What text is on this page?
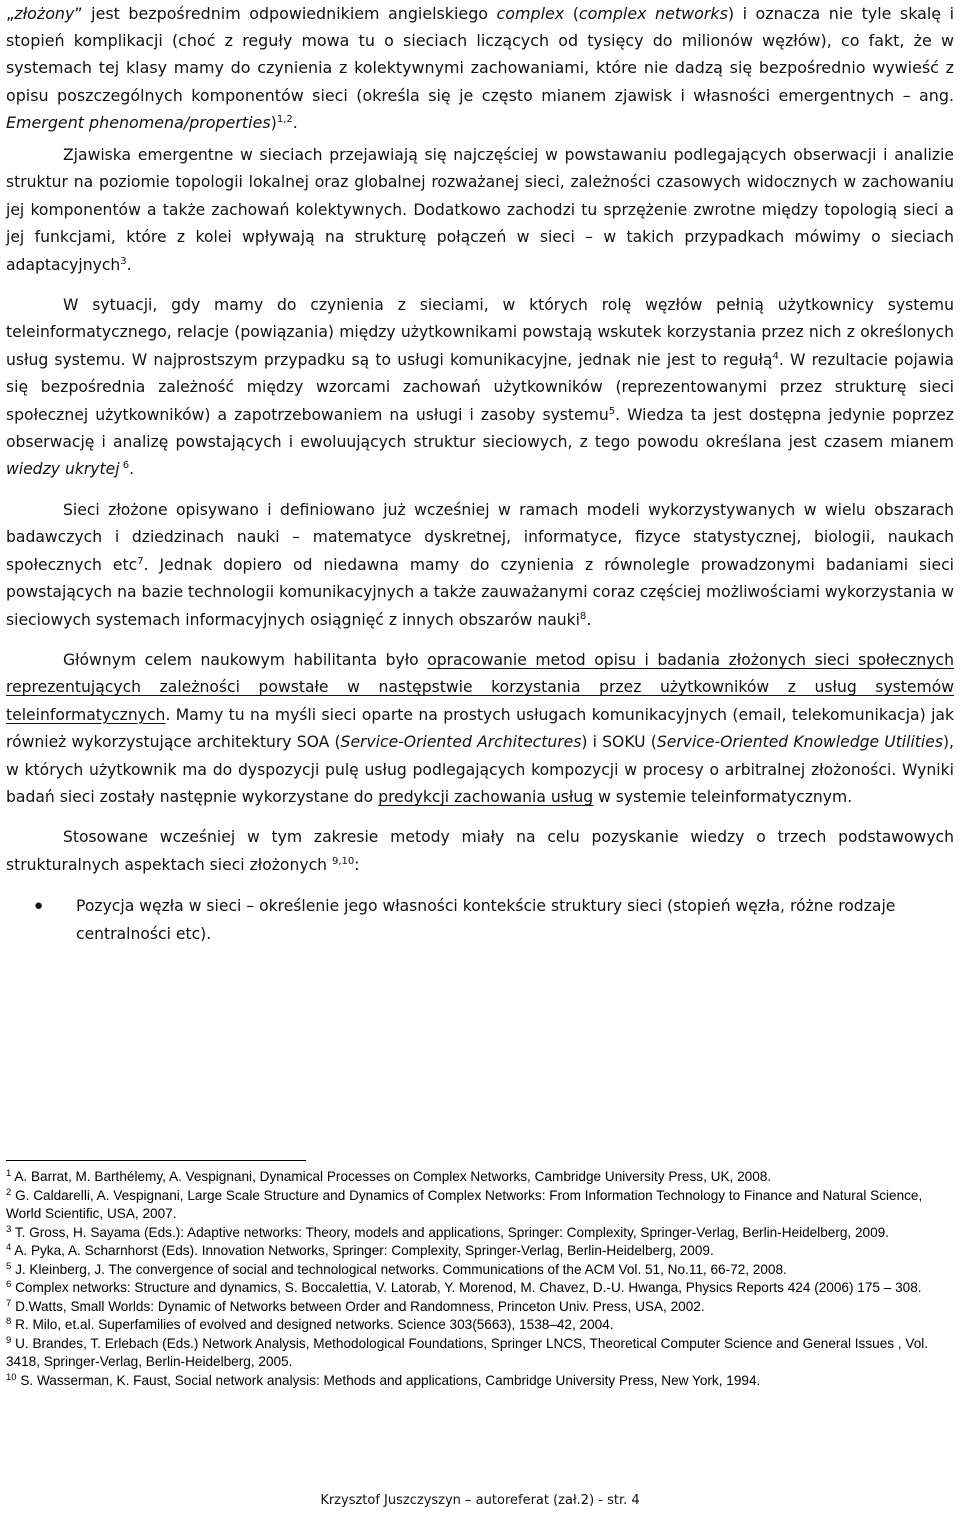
„złożony” jest bezpośrednim odpowiednikiem angielskiego complex (complex networks) i oznacza nie tyle skalę i stopień komplikacji (choć z reguły mowa tu o sieciach liczących od tysięcy do milionów węzłów), co fakt, że w systemach tej klasy mamy do czynienia z kolektywnymi zachowaniami, które nie dadzą się bezpośrednio wywieść z opisu poszczególnych komponentów sieci (określa się je często mianem zjawisk i własności emergentnych – ang. Emergent phenomena/properties)$^{1,2}$.

Zjawiska emergentne w sieciach przejawiają się najczęściej w powstawaniu podlegających obserwacji i analizie struktur na poziomie topologii lokalnej oraz globalnej rozważanej sieci, zależności czasowych widocznych w zachowaniu jej komponentów a także zachowań kolektywnych. Dodatkowo zachodzi tu sprzężenie zwrotne między topologią sieci a jej funkcjami, które z kolei wpływają na strukturę połączeń w sieci – w takich przypadkach mówimy o sieciach adaptacyjnych$^3$.

W sytuacji, gdy mamy do czynienia z sieciami, w których rolę węzłów pełnią użytkownicy systemu teleinformatycznego, relacje (powiązania) między użytkownikami powstają wskutek korzystania przez nich z określonych usług systemu. W najprostszym przypadku są to usługi komunikacyjne, jednak nie jest to regułą$^4$. W rezultacie pojawia się bezpośrednia zależność między wzorcami zachowań użytkowników (reprezentowanymi przez strukturę sieci społecznej użytkowników) a zapotrzebowaniem na usługi i zasoby systemu$^5$. Wiedza ta jest dostępna jedynie poprzez obserwację i analizę powstających i ewoluujących struktur sieciowych, z tego powodu określana jest czasem mianem wiedzy ukrytej $^6$.

Sieci złożone opisywano i definiowano już wcześniej w ramach modeli wykorzystywanych w wielu obszarach badawczych i dziedzinach nauki – matematyce dyskretnej, informatyce, fizyce statystycznej, biologii, naukach społecznych etc$^7$. Jednak dopiero od niedawna mamy do czynienia z równolegle prowadzonymi badaniami sieci powstających na bazie technologii komunikacyjnych a także zauważanymi coraz częściej możliwościami wykorzystania w sieciowych systemach informacyjnych osiągnięć z innych obszarów nauki$^8$.

Głównym celem naukowym habilitanta było opracowanie metod opisu i badania złożonych sieci społecznych reprezentujących zależności powstałe w następstwie korzystania przez użytkowników z usług systemów teleinformatycznych. Mamy tu na myśli sieci oparte na prostych usługach komunikacyjnych (email, telekomunikacja) jak również wykorzystujące architektury SOA (Service-Oriented Architectures) i SOKU (Service-Oriented Knowledge Utilities), w których użytkownik ma do dyspozycji pulę usług podlegających kompozycji w procesy o arbitralnej złożoności. Wyniki badań sieci zostały następnie wykorzystane do predykcji zachowania usług w systemie teleinformatycznym.

Stosowane wcześniej w tym zakresie metody miały na celu pozyskanie wiedzy o trzech podstawowych strukturalnych aspektach sieci złożonych $^{9,10}$:

●	Pozycja węzła w sieci – określenie jego własności kontekście struktury sieci (stopień węzła, różne rodzaje centralności etc).

$^1$ A. Barrat, M. Barthélemy, A. Vespignani, Dynamical Processes on Complex Networks, Cambridge University Press, UK, 2008.

$^2$ G. Caldarelli, A. Vespignani, Large Scale Structure and Dynamics of Complex Networks: From Information Technology to Finance and Natural Science, World Scientific, USA, 2007.

$^3$ T. Gross, H. Sayama (Eds.): Adaptive networks: Theory, models and applications, Springer: Complexity, Springer-Verlag, Berlin-Heidelberg, 2009.

$^4$ A. Pyka, A. Scharnhorst (Eds). Innovation Networks, Springer: Complexity, Springer-Verlag, Berlin-Heidelberg, 2009.

$^5$ J. Kleinberg, J. The convergence of social and technological networks. Communications of the ACM Vol. 51, No.11, 66-72, 2008.

$^6$ Complex networks: Structure and dynamics, S. Boccalettia, V. Latorab, Y. Morenod, M. Chavez, D.-U. Hwanga, Physics Reports 424 (2006) 175 – 308.

$^7$ D.Watts, Small Worlds: Dynamic of Networks between Order and Randomness, Princeton Univ. Press, USA, 2002.

$^8$ R. Milo, et.al. Superfamilies of evolved and designed networks. Science 303(5663), 1538–42, 2004.

$^9$ U. Brandes, T. Erlebach (Eds.) Network Analysis, Methodological Foundations, Springer LNCS, Theoretical Computer Science and General Issues , Vol. 3418, Springer-Verlag, Berlin-Heidelberg, 2005.

$^{10}$ S. Wasserman, K. Faust, Social network analysis: Methods and applications, Cambridge University Press, New York, 1994.

Krzysztof Juszczyszyn – autoreferat (zał.2) - str. 4
